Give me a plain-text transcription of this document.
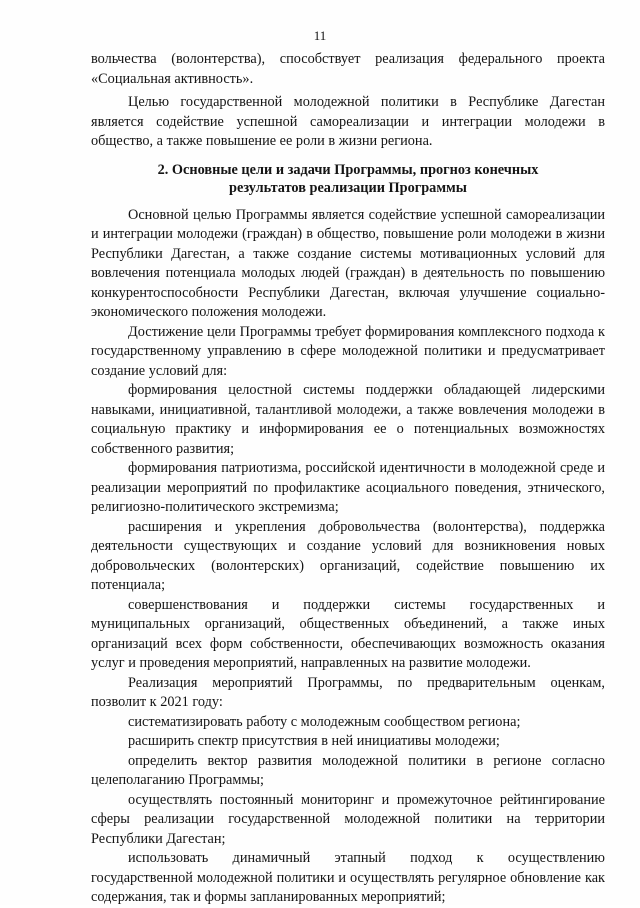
11

вольчества (волонтерства), способствует реализация федерального проекта «Социальная активность».

Целью государственной молодежной политики в Республике Дагестан является содействие успешной самореализации и интеграции молодежи в общество, а также повышение ее роли в жизни региона.

2. Основные цели и задачи Программы, прогноз конечных
результатов реализации Программы

Основной целью Программы является содействие успешной самореализации и интеграции молодежи (граждан) в общество, повышение роли молодежи в жизни Республики Дагестан, а также создание системы мотивационных условий для вовлечения потенциала молодых людей (граждан) в деятельность по повышению конкурентоспособности Республики Дагестан, включая улучшение социально-экономического положения молодежи.

Достижение цели Программы требует формирования комплексного подхода к государственному управлению в сфере молодежной политики и предусматривает создание условий для:

формирования целостной системы поддержки обладающей лидерскими навыками, инициативной, талантливой молодежи, а также вовлечения молодежи в социальную практику и информирования ее о потенциальных возможностях собственного развития;

формирования патриотизма, российской идентичности в молодежной среде и реализации мероприятий по профилактике асоциального поведения, этнического, религиозно-политического экстремизма;

расширения и укрепления добровольчества (волонтерства), поддержка деятельности существующих и создание условий для возникновения новых добровольческих (волонтерских) организаций, содействие повышению их потенциала;

совершенствования и поддержки системы государственных и муниципальных организаций, общественных объединений, а также иных организаций всех форм собственности, обеспечивающих возможность оказания услуг и проведения мероприятий, направленных на развитие молодежи.

Реализация мероприятий Программы, по предварительным оценкам, позволит к 2021 году:

систематизировать работу с молодежным сообществом региона;

расширить спектр присутствия в ней инициативы молодежи;

определить вектор развития молодежной политики в регионе согласно целеполаганию Программы;

осуществлять постоянный мониторинг и промежуточное рейтингирование сферы реализации государственной молодежной политики на территории Республики Дагестан;

использовать динамичный этапный подход к осуществлению государственной молодежной политики и осуществлять регулярное обновление как содержания, так и формы запланированных мероприятий;
